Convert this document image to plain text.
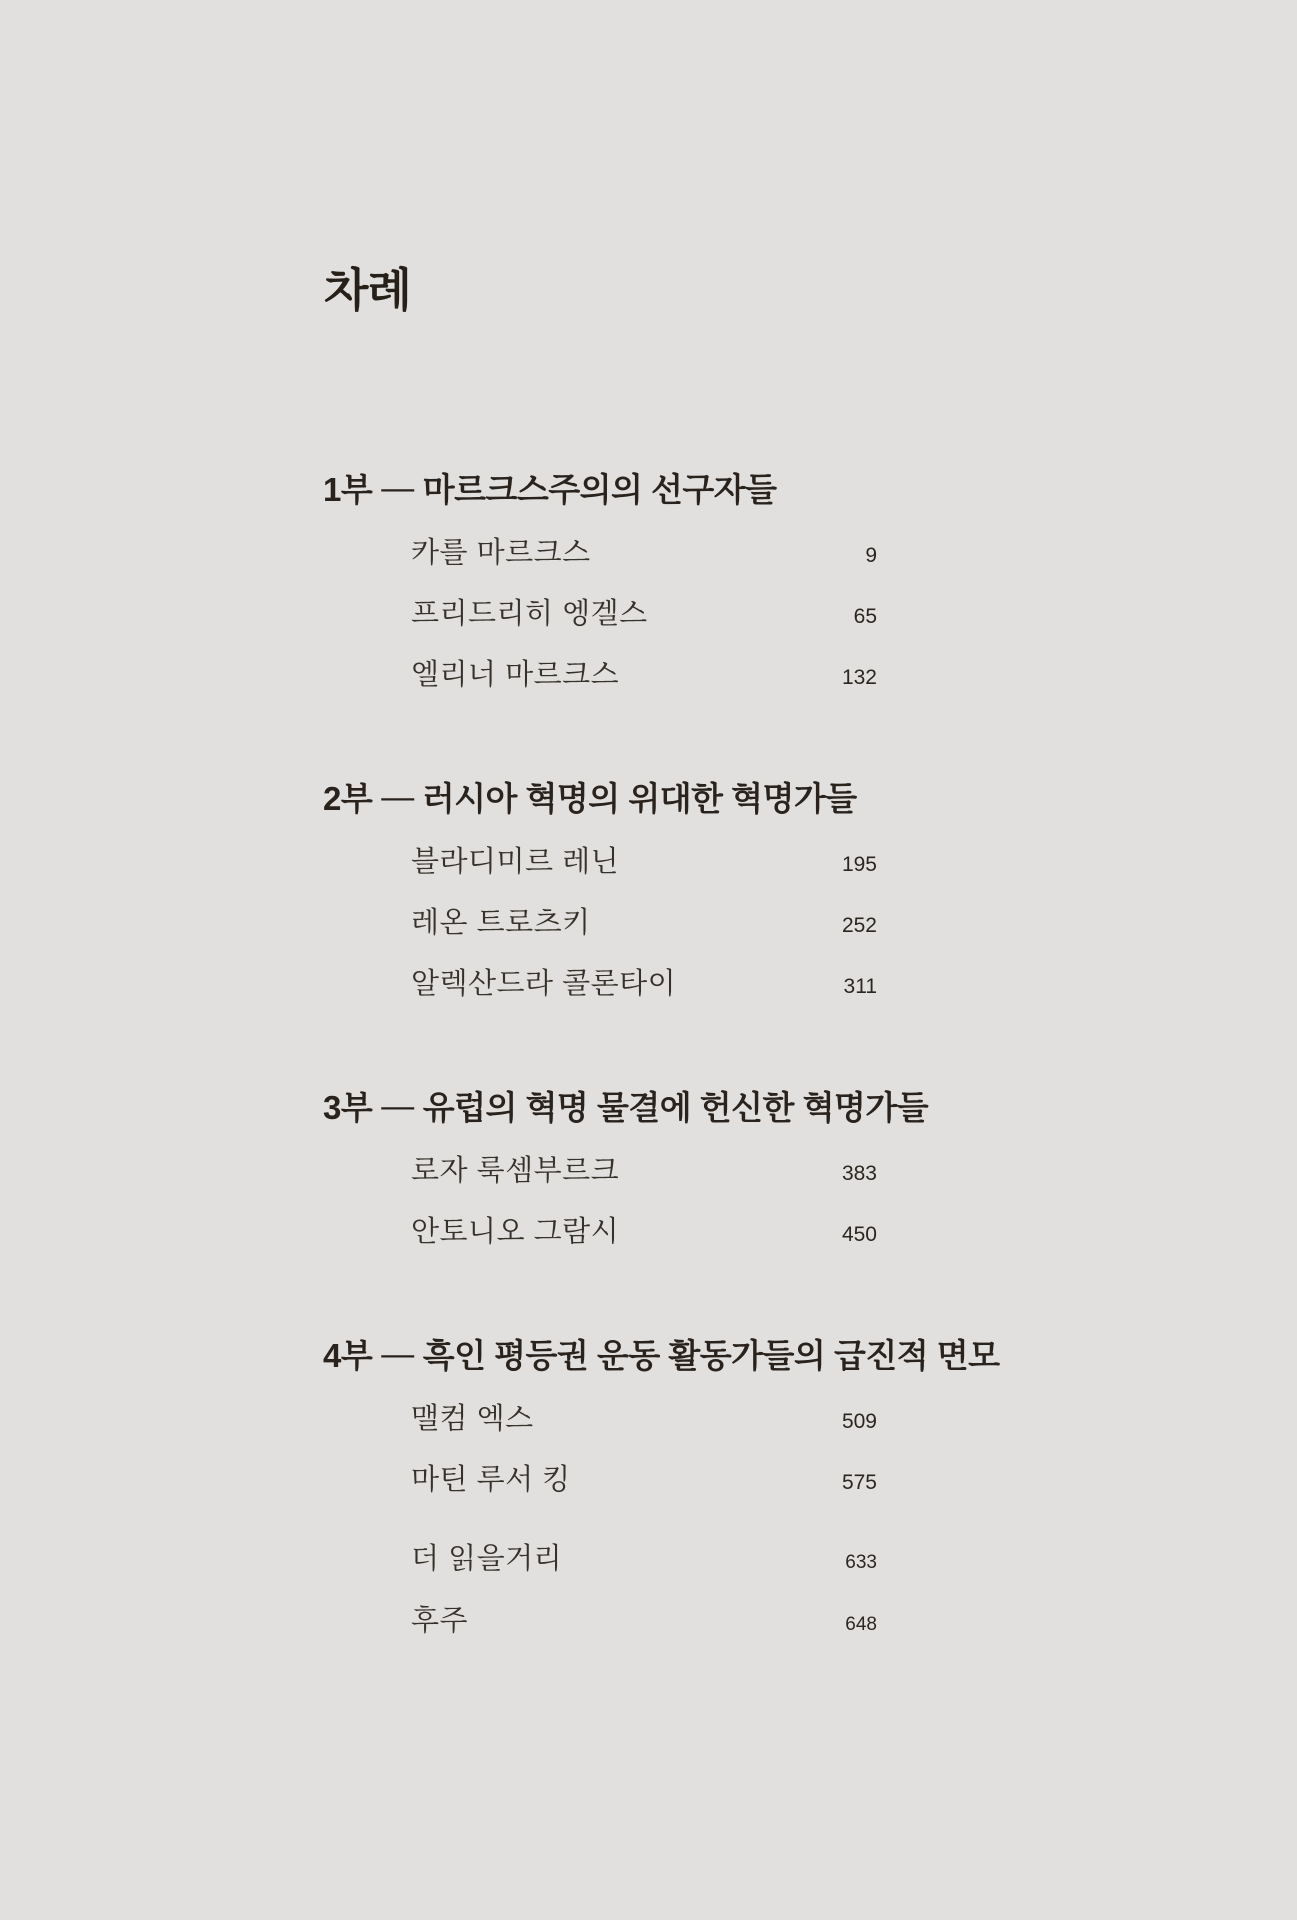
차례
1부 — 마르크스주의의 선구자들
카를 마르크스	9
프리드리히 엥겔스	65
엘리너 마르크스	132
2부 — 러시아 혁명의 위대한 혁명가들
블라디미르 레닌	195
레온 트로츠키	252
알렉산드라 콜론타이	311
3부 — 유럽의 혁명 물결에 헌신한 혁명가들
로자 룩셈부르크	383
안토니오 그람시	450
4부 — 흑인 평등권 운동 활동가들의 급진적 면모
맬컴 엑스	509
마틴 루서 킹	575
더 읽을거리	633
후주	648
